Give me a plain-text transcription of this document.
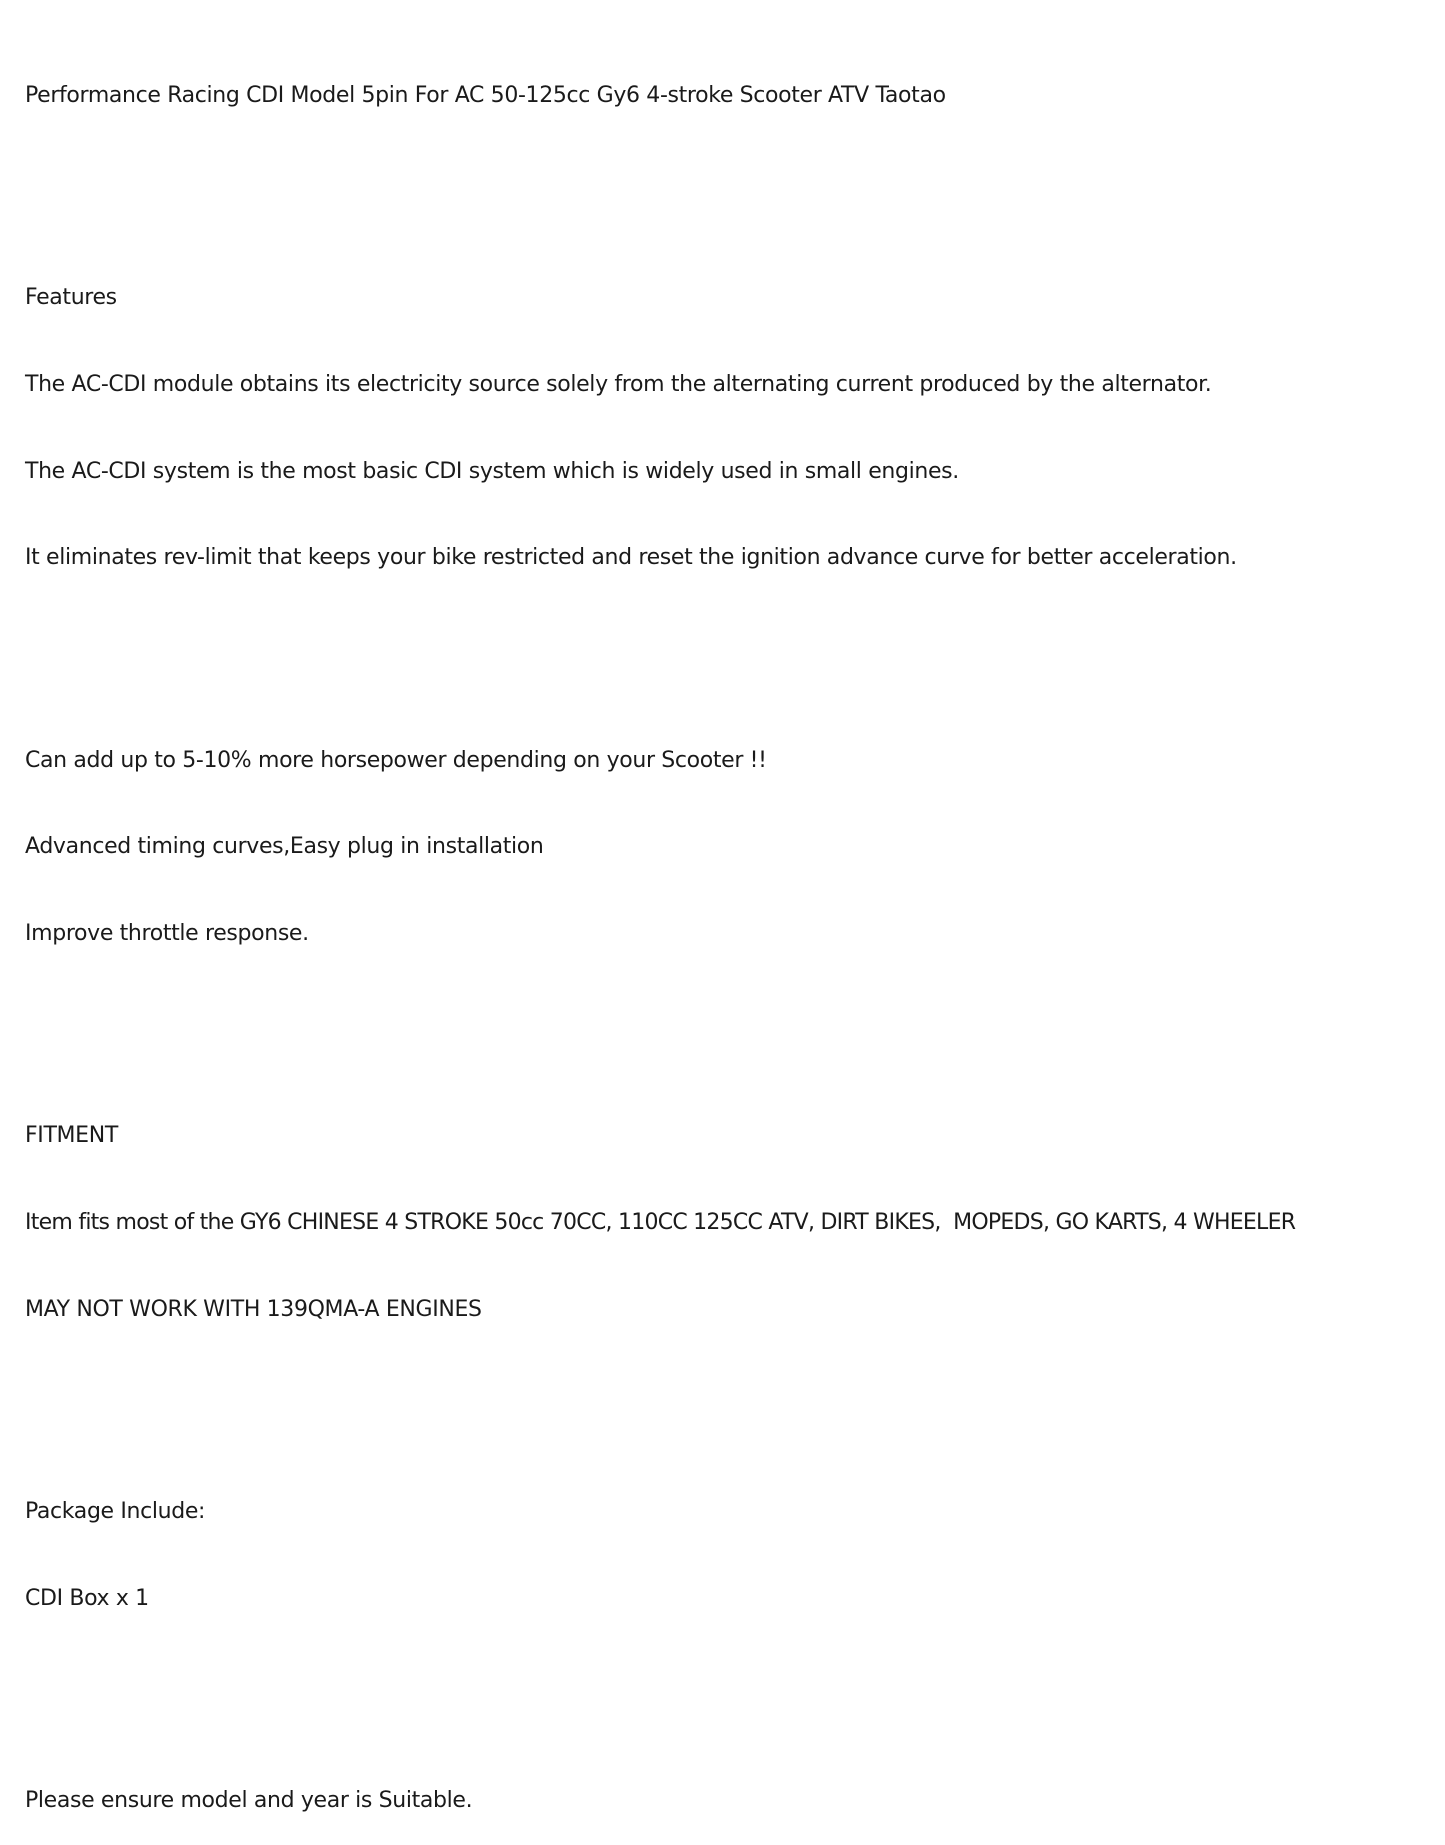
Performance Racing CDI Model 5pin For AC 50-125cc Gy6 4-stroke Scooter ATV Taotao

Features

The AC-CDI module obtains its electricity source solely from the alternating current produced by the alternator.

The AC-CDI system is the most basic CDI system which is widely used in small engines.

It eliminates rev-limit that keeps your bike restricted and reset the ignition advance curve for better acceleration.

Can add up to 5-10% more horsepower depending on your Scooter !!

Advanced timing curves,Easy plug in installation

Improve throttle response.

FITMENT

Item fits most of the GY6 CHINESE 4 STROKE 50cc 70CC, 110CC 125CC ATV, DIRT BIKES,  MOPEDS, GO KARTS, 4 WHEELER

MAY NOT WORK WITH 139QMA-A ENGINES

Package Include:

CDI Box x 1

Please ensure model and year is Suitable.
